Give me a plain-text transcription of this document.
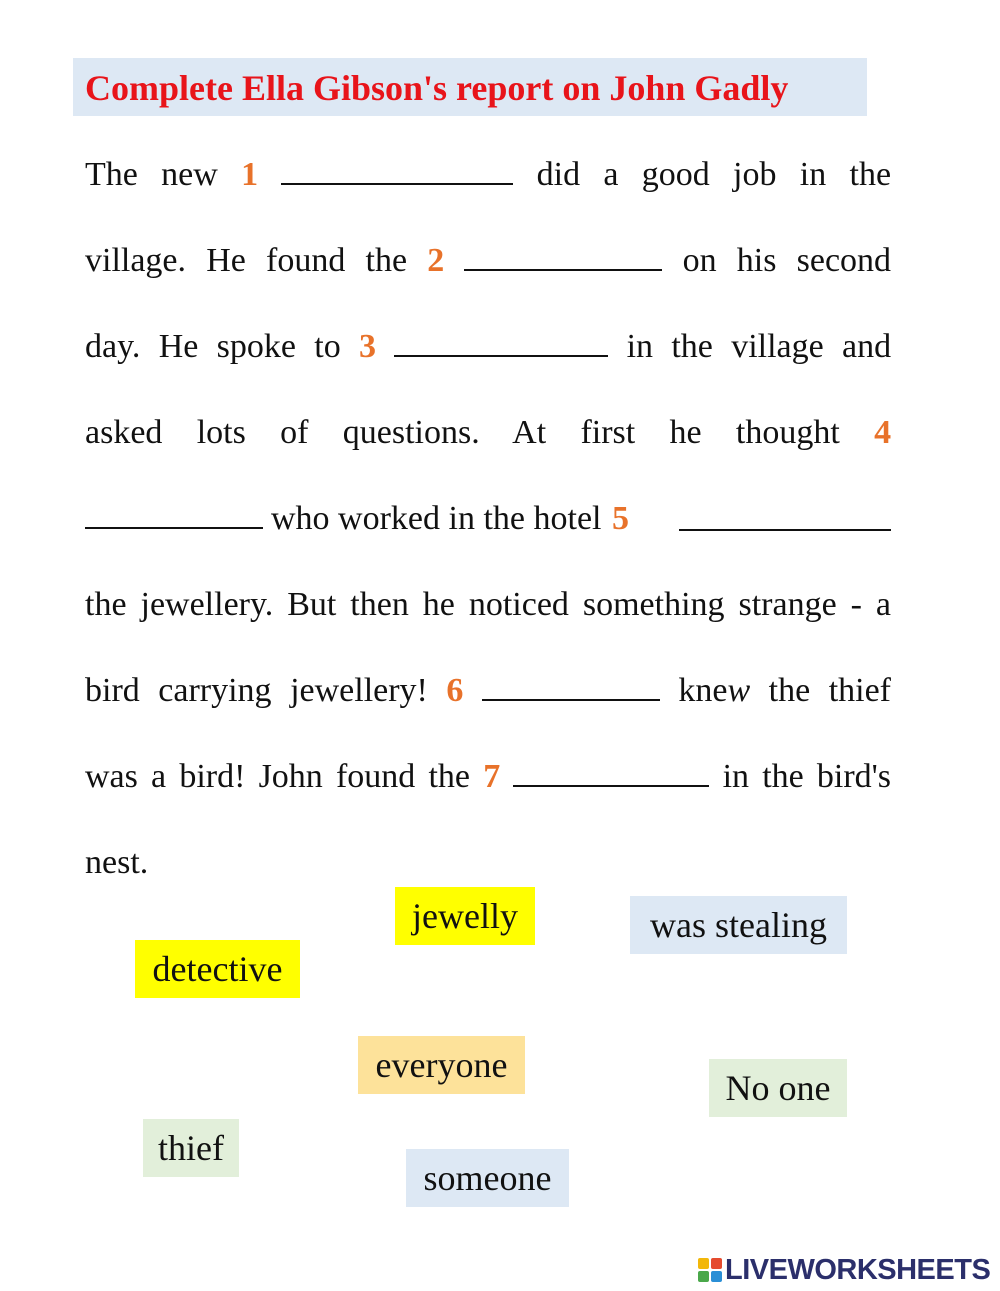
Complete Ella Gibson's report on John Gadly
The new 1	did a good job in the
village. He found the 2	on his second
day. He spoke to 3	in the village and
asked lots of questions. At first he thought 4
who worked in the hotel 5
the jewellery. But then he noticed something strange - a
bird carrying jewellery! 6	knew the thief
was a bird! John found the 7	in the bird's
nest.
jewelly	was stealing
detective
everyone
No one
thief
someone
LIVEWORKSHEETS
